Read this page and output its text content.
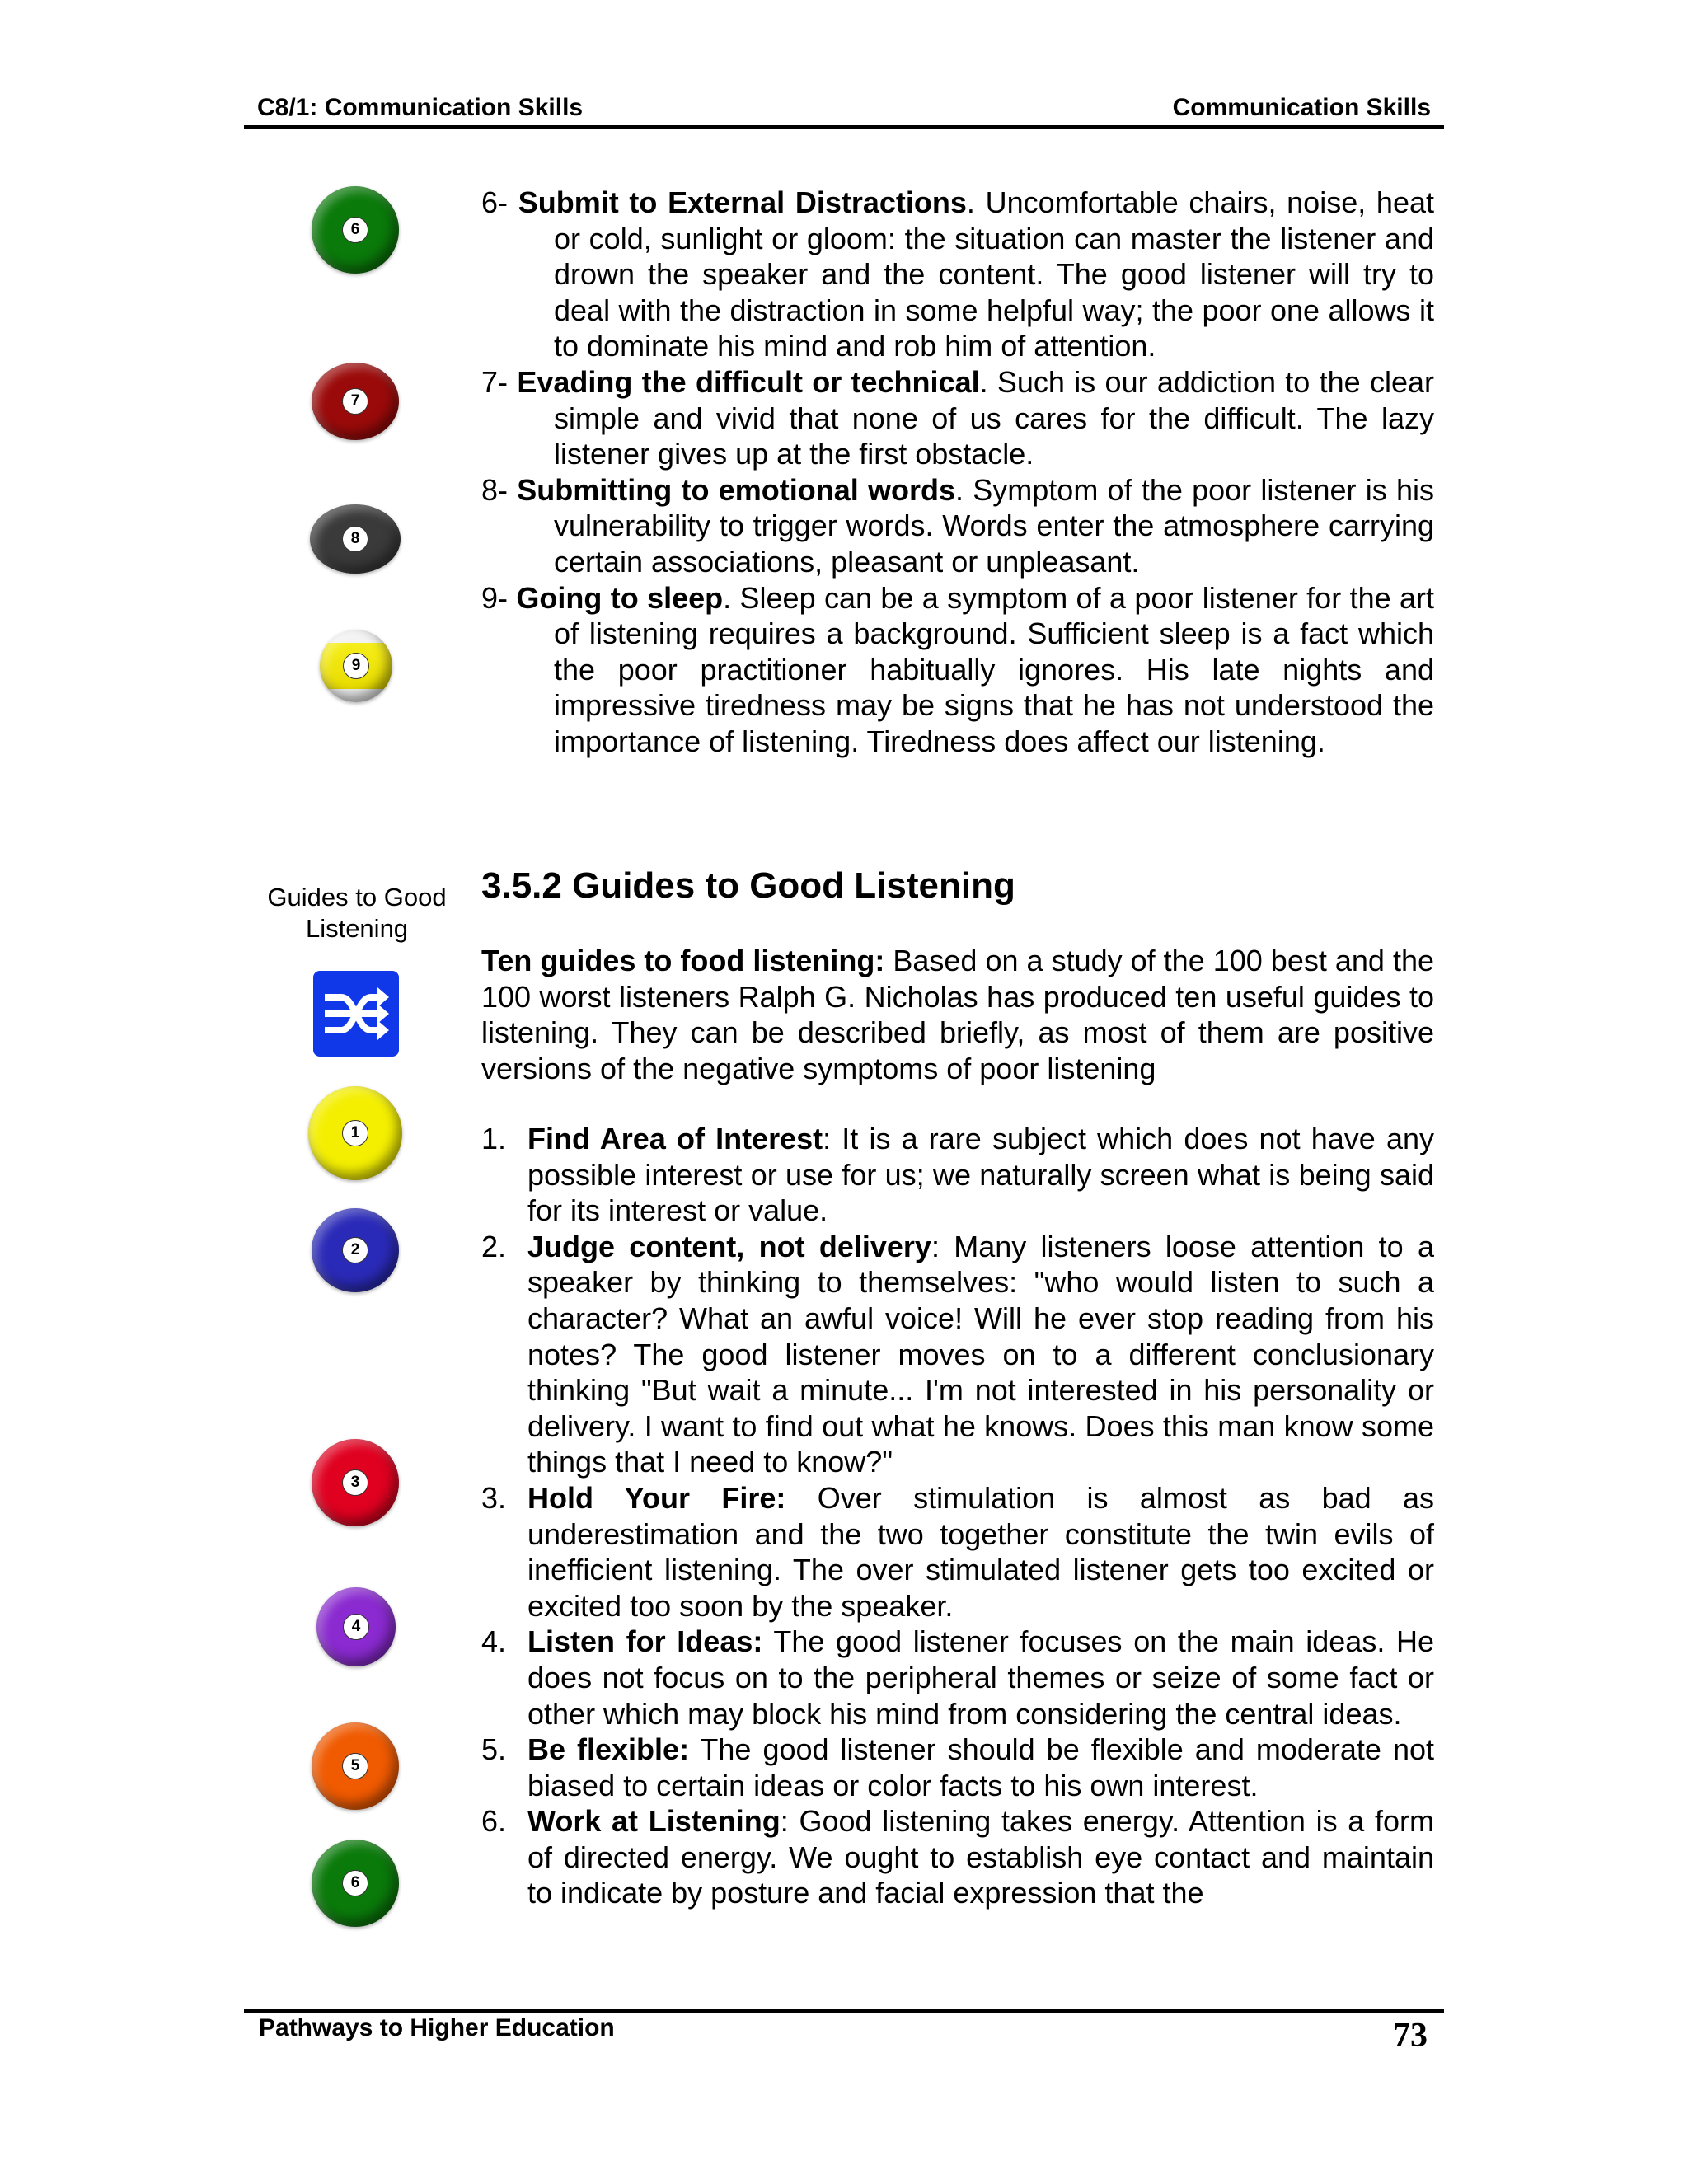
C8/1: Communication Skills	Communication Skills
6
7
8
9
Guides to Good Listening
1
2
3
4
5
6

6- Submit to External Distractions. Uncomfortable chairs, noise, heat or cold, sunlight or gloom: the situation can master the listener and drown the speaker and the content. The good listener will try to deal with the distraction in some helpful way; the poor one allows it to dominate his mind and rob him of attention.

7- Evading the difficult or technical. Such is our addiction to the clear simple and vivid that none of us cares for the difficult. The lazy listener gives up at the first obstacle.

8- Submitting to emotional words. Symptom of the poor listener is his vulnerability to trigger words. Words enter the atmosphere carrying certain associations, pleasant or unpleasant.

9- Going to sleep. Sleep can be a symptom of a poor listener for the art of listening requires a background. Sufficient sleep is a fact which the poor practitioner habitually ignores. His late nights and impressive tiredness may be signs that he has not understood the importance of listening. Tiredness does affect our listening.

3.5.2 Guides to Good Listening

Ten guides to food listening: Based on a study of the 100 best and the 100 worst listeners Ralph G. Nicholas has produced ten useful guides to listening. They can be described briefly, as most of them are positive versions of the negative symptoms of poor listening

1. Find Area of Interest: It is a rare subject which does not have any possible interest or use for us; we naturally screen what is being said for its interest or value.

2. Judge content, not delivery: Many listeners loose attention to a speaker by thinking to themselves: "who would listen to such a character? What an awful voice! Will he ever stop reading from his notes? The good listener moves on to a different conclusionary thinking "But wait a minute... I'm not interested in his personality or delivery. I want to find out what he knows. Does this man know some things that I need to know?"

3. Hold Your Fire: Over stimulation is almost as bad as underestimation and the two together constitute the twin evils of inefficient listening. The over stimulated listener gets too excited or excited too soon by the speaker.

4. Listen for Ideas: The good listener focuses on the main ideas. He does not focus on to the peripheral themes or seize of some fact or other which may block his mind from considering the central ideas.

5. Be flexible: The good listener should be flexible and moderate not biased to certain ideas or color facts to his own interest.

6. Work at Listening: Good listening takes energy. Attention is a form of directed energy. We ought to establish eye contact and maintain to indicate by posture and facial expression that the

Pathways to Higher Education	73
